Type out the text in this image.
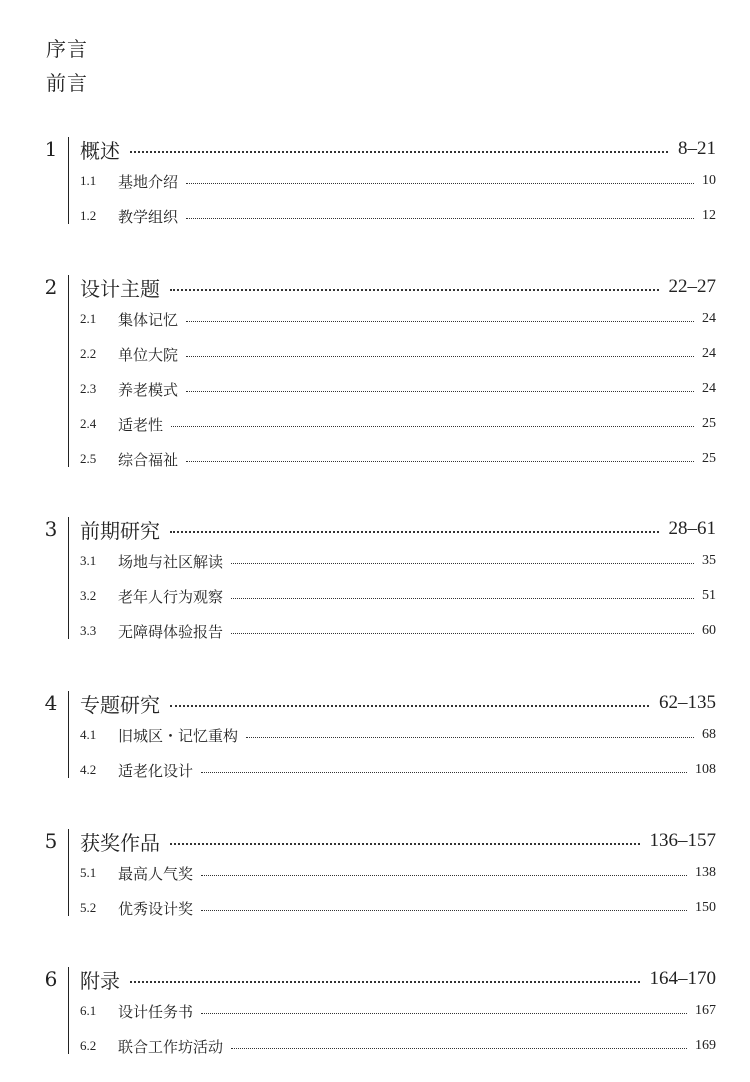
序言
前言
1 概述	8–21
1.1	基地介绍	10
1.2	教学组织	12
2 设计主题	22–27
2.1	集体记忆	24
2.2	单位大院	24
2.3	养老模式	24
2.4	适老性	25
2.5	综合福祉	25
3 前期研究	28–61
3.1	场地与社区解读	35
3.2	老年人行为观察	51
3.3	无障碍体验报告	60
4 专题研究	62–135
4.1	旧城区・记忆重构	68
4.2	适老化设计	108
5 获奖作品	136–157
5.1	最高人气奖	138
5.2	优秀设计奖	150
6 附录	164–170
6.1	设计任务书	167
6.2	联合工作坊活动	169
